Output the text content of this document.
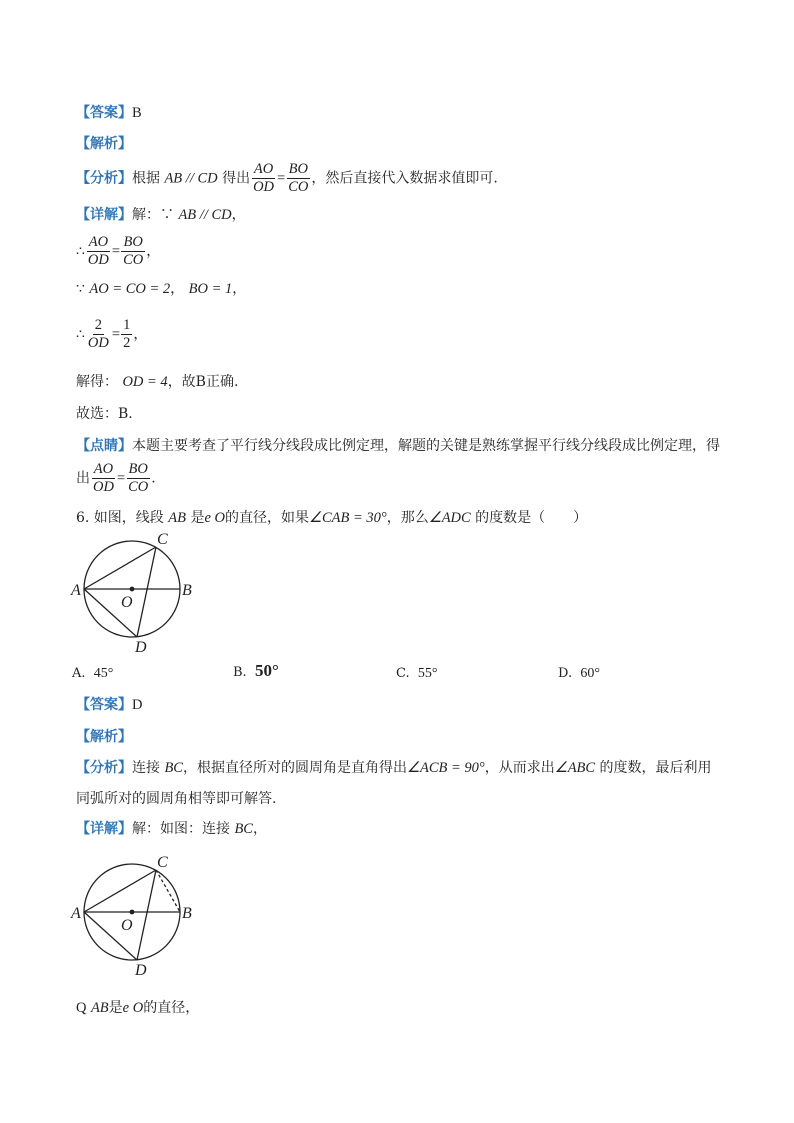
【答案】B
【解析】
【分析】根据 AB // CD 得出 $\frac{AO}{OD} = \frac{BO}{CO}$ ，然后直接代入数据求值即可.
【详解】解：∵ AB // CD，
∴ $\frac{AO}{OD} = \frac{BO}{CO}$ ，
∵ AO = CO = 2， BO = 1，
∴ $\frac{2}{OD} = \frac{1}{2}$ ，
解得： OD = 4，故B正确.
故选：B.
【点睛】本题主要考查了平行线分线段成比例定理，解题的关键是熟练掌握平行线分线段成比例定理，得
出 $\frac{AO}{OD} = \frac{BO}{CO}$ .
6. 如图，线段 AB 是e O的直径，如果∠CAB = 30°，那么∠ADC 的度数是（　　）
A	B
C
D
O
A. 45°	B. 50°	C. 55°	D. 60°
【答案】D
【解析】
【分析】连接 BC，根据直径所对的圆周角是直角得出∠ACB = 90°，从而求出∠ABC 的度数，最后利用
同弧所对的圆周角相等即可解答.
【详解】解：如图：连接 BC，
A	B
C
D
O
Q AB是e O的直径，
